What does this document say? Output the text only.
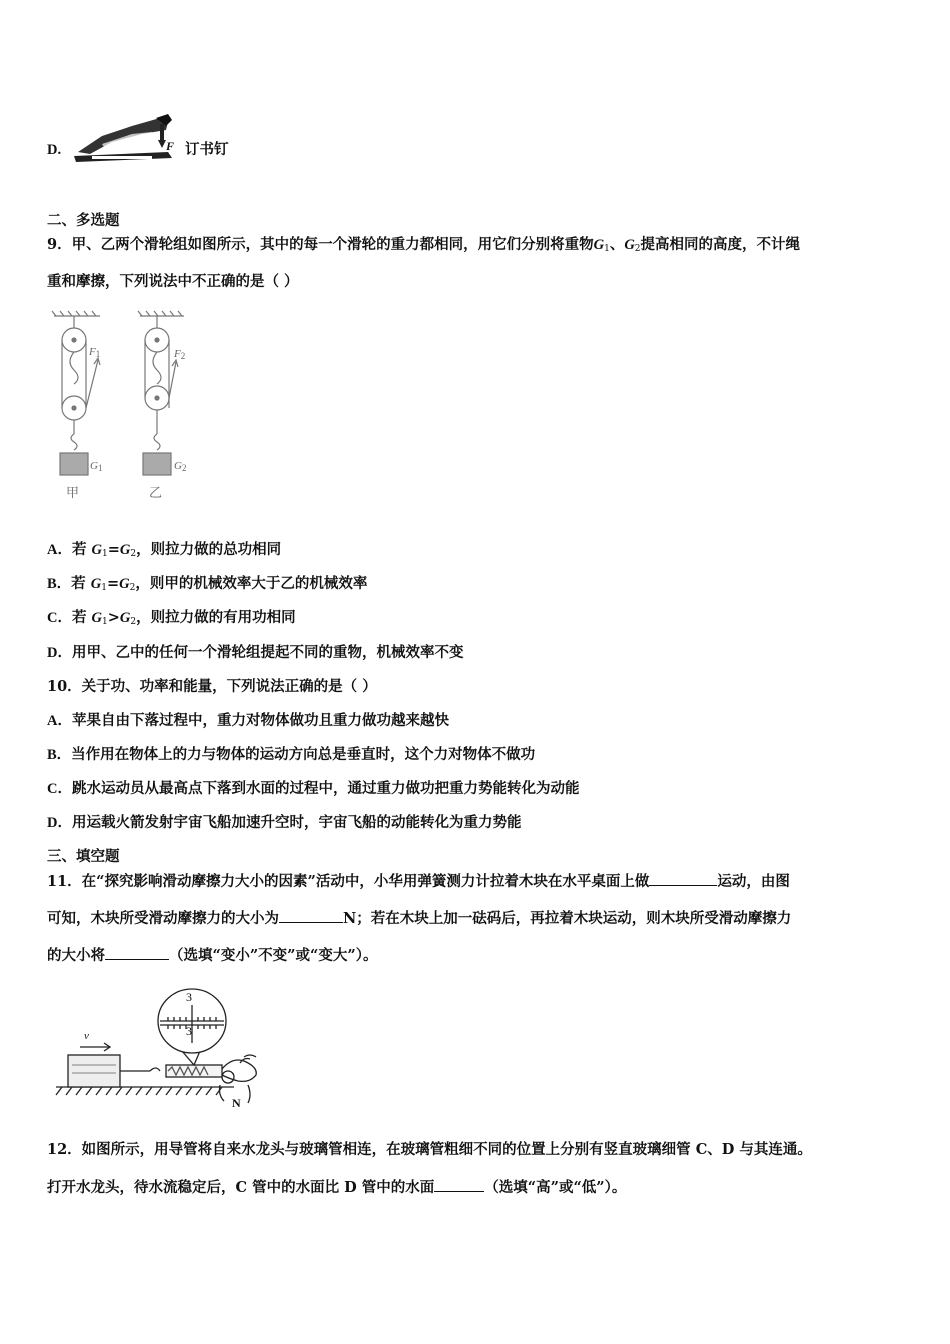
D.	F 订书钉
二、多选题
9．甲、乙两个滑轮组如图所示，其中的每一个滑轮的重力都相同，用它们分别将重物$G_1$、$G_2$提高相同的高度，不计绳
重和摩擦，下列说法中不正确的是（ ）
$F_1$	$F_2$
$G_1$	$G_2$
甲	乙
A．若 $G_1=G_2$，则拉力做的总功相同
B．若 $G_1=G_2$，则甲的机械效率大于乙的机械效率
C．若 $G_1>G_2$，则拉力做的有用功相同
D．用甲、乙中的任何一个滑轮组提起不同的重物，机械效率不变
10．关于功、功率和能量，下列说法正确的是（ ）
A．苹果自由下落过程中，重力对物体做功且重力做功越来越快
B．当作用在物体上的力与物体的运动方向总是垂直时，这个力对物体不做功
C．跳水运动员从最高点下落到水面的过程中，通过重力做功把重力势能转化为动能
D．用运载火箭发射宇宙飞船加速升空时，宇宙飞船的动能转化为重力势能
三、填空题
11．在“探究影响滑动摩擦力大小的因素”活动中，小华用弹簧测力计拉着木块在水平桌面上做	运动，由图
可知，木块所受滑动摩擦力的大小为	N；若在木块上加一砝码后，再拉着木块运动，则木块所受滑动摩擦力
的大小将	（选填“变小”不变”或“变大”）。
v
3
3
N
12．如图所示，用导管将自来水龙头与玻璃管相连，在玻璃管粗细不同的位置上分别有竖直玻璃细管 C、D 与其连通。
打开水龙头，待水流稳定后，C 管中的水面比 D 管中的水面	（选填“高”或“低”）。
